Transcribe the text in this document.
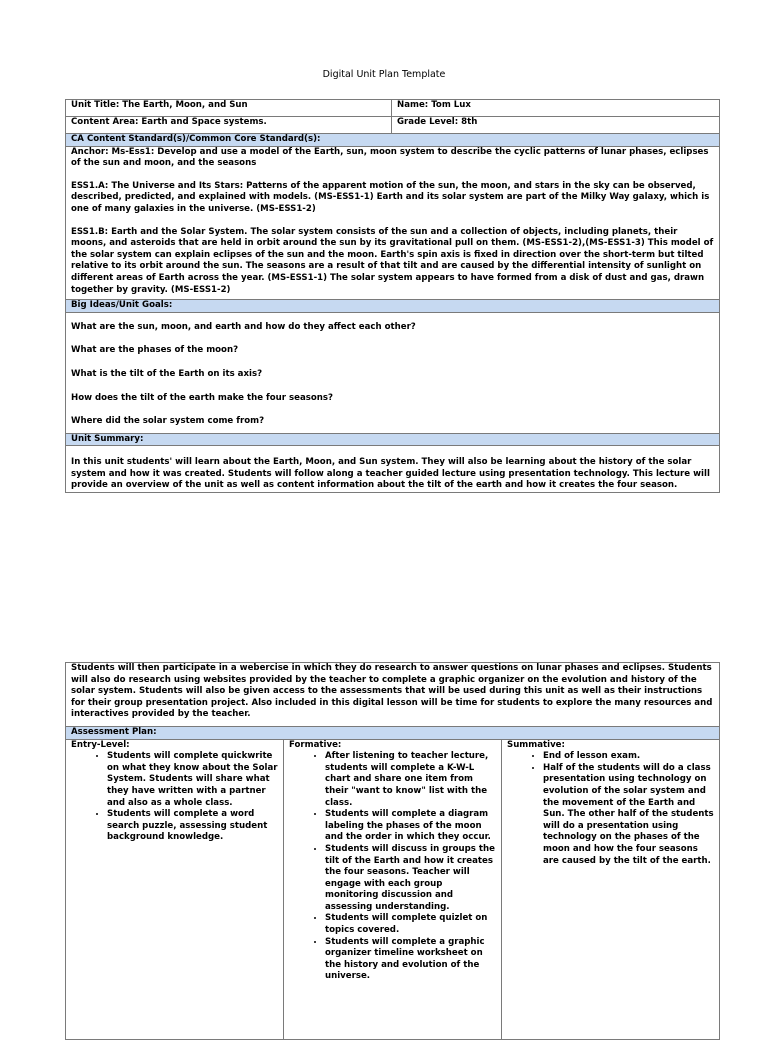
Digital Unit Plan Template
Unit Title: The Earth, Moon, and Sun	Name: Tom Lux
Content Area: Earth and Space systems.	Grade Level: 8th
CA Content Standard(s)/Common Core Standard(s):	

Anchor: Ms-Ess1: Develop and use a model of the Earth, sun, moon system to describe the cyclic patterns of lunar phases, eclipses of the sun and moon, and the seasons

ESS1.A: The Universe and Its Stars: Patterns of the apparent motion of the sun, the moon, and stars in the sky can be observed, described, predicted, and explained with models. (MS-ESS1-1) Earth and its solar system are part of the Milky Way galaxy, which is one of many galaxies in the universe. (MS-ESS1-2)

ESS1.B: Earth and the Solar System. The solar system consists of the sun and a collection of objects, including planets, their moons, and asteroids that are held in orbit around the sun by its gravitational pull on them. (MS-ESS1-2),(MS-ESS1-3) This model of the solar system can explain eclipses of the sun and the moon. Earth's spin axis is fixed in direction over the short-term but tilted relative to its orbit around the sun. The seasons are a result of that tilt and are caused by the differential intensity of sunlight on different areas of Earth across the year. (MS-ESS1-1) The solar system appears to have formed from a disk of dust and gas, drawn together by gravity. (MS-ESS1-2)	

Big Ideas/Unit Goals:	

What are the sun, moon, and earth and how do they affect each other?

What are the phases of the moon?

What is the tilt of the Earth on its axis?

How does the tilt of the earth make the four seasons?

Where did the solar system come from?	

Unit Summary:	

In this unit students' will learn about the Earth, Moon, and Sun system. They will also be learning about the history of the solar system and how it was created. Students will follow along a teacher guided lecture using presentation technology. This lecture will provide an overview of the unit as well as content information about the tilt of the earth and how it creates the four season.	

Students will then participate in a webercise in which they do research to answer questions on lunar phases and eclipses. Students will also do research using websites provided by the teacher to complete a graphic organizer on the evolution and history of the solar system. Students will also be given access to the assessments that will be used during this unit as well as their instructions for their group presentation project. Also included in this digital lesson will be time for students to explore the many resources and interactives provided by the teacher.

Assessment Plan:

Entry-Level:
• Students will complete quickwrite on what they know about the Solar System. Students will share what they have written with a partner and also as a whole class.
• Students will complete a word search puzzle, assessing student background knowledge.

Formative:
• After listening to teacher lecture, students will complete a K-W-L chart and share one item from their "want to know" list with the class.
• Students will complete a diagram labeling the phases of the moon and the order in which they occur.
• Students will discuss in groups the tilt of the Earth and how it creates the four seasons. Teacher will engage with each group monitoring discussion and assessing understanding.
• Students will complete quizlet on topics covered.
• Students will complete a graphic organizer timeline worksheet on the history and evolution of the universe.

Summative:
• End of lesson exam.
• Half of the students will do a class presentation using technology on evolution of the solar system and the movement of the Earth and Sun. The other half of the students will do a presentation using technology on the phases of the moon and how the four seasons are caused by the tilt of the earth.
